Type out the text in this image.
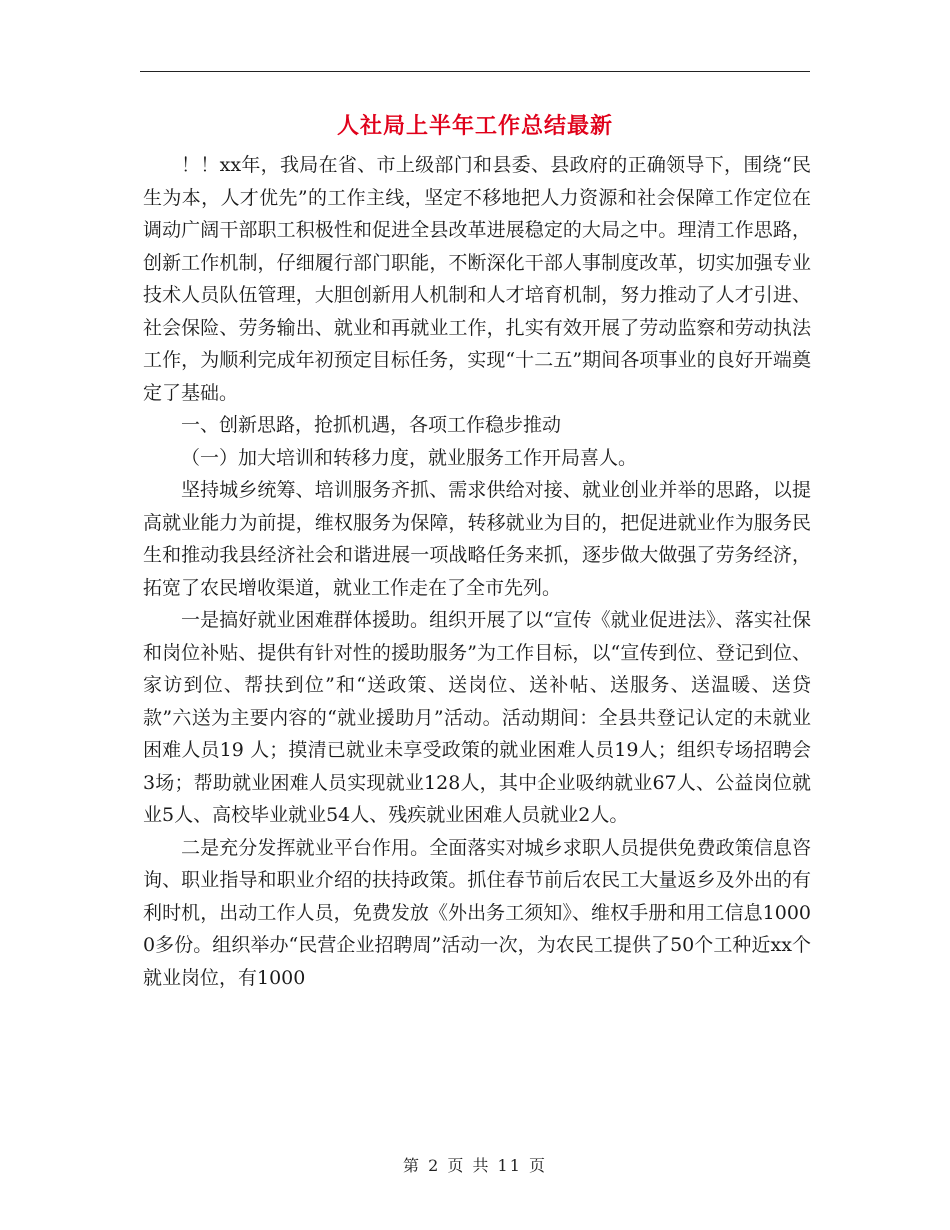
人社局上半年工作总结最新

！！xx年，我局在省、市上级部门和县委、县政府的正确领导下，围绕“民生为本，人才优先”的工作主线，坚定不移地把人力资源和社会保障工作定位在调动广阔干部职工积极性和促进全县改革进展稳定的大局之中。理清工作思路，创新工作机制，仔细履行部门职能，不断深化干部人事制度改革，切实加强专业技术人员队伍管理，大胆创新用人机制和人才培育机制，努力推动了人才引进、社会保险、劳务输出、就业和再就业工作，扎实有效开展了劳动监察和劳动执法工作，为顺利完成年初预定目标任务，实现“十二五”期间各项事业的良好开端奠定了基础。

一、创新思路，抢抓机遇，各项工作稳步推动

（一）加大培训和转移力度，就业服务工作开局喜人。

坚持城乡统筹、培训服务齐抓、需求供给对接、就业创业并举的思路，以提高就业能力为前提，维权服务为保障，转移就业为目的，把促进就业作为服务民生和推动我县经济社会和谐进展一项战略任务来抓，逐步做大做强了劳务经济，拓宽了农民增收渠道，就业工作走在了全市先列。

一是搞好就业困难群体援助。组织开展了以“宣传《就业促进法》、落实社保和岗位补贴、提供有针对性的援助服务”为工作目标，以“宣传到位、登记到位、家访到位、帮扶到位”和“送政策、送岗位、送补帖、送服务、送温暖、送贷款”六送为主要内容的“就业援助月”活动。活动期间：全县共登记认定的未就业困难人员19 人；摸清已就业未享受政策的就业困难人员19人；组织专场招聘会3场；帮助就业困难人员实现就业128人，其中企业吸纳就业67人、公益岗位就业5人、高校毕业就业54人、残疾就业困难人员就业2人。

二是充分发挥就业平台作用。全面落实对城乡求职人员提供免费政策信息咨询、职业指导和职业介绍的扶持政策。抓住春节前后农民工大量返乡及外出的有利时机，出动工作人员，免费发放《外出务工须知》、维权手册和用工信息10000多份。组织举办“民营企业招聘周”活动一次，为农民工提供了50个工种近xx个就业岗位，有1000

第 2 页 共 11 页
